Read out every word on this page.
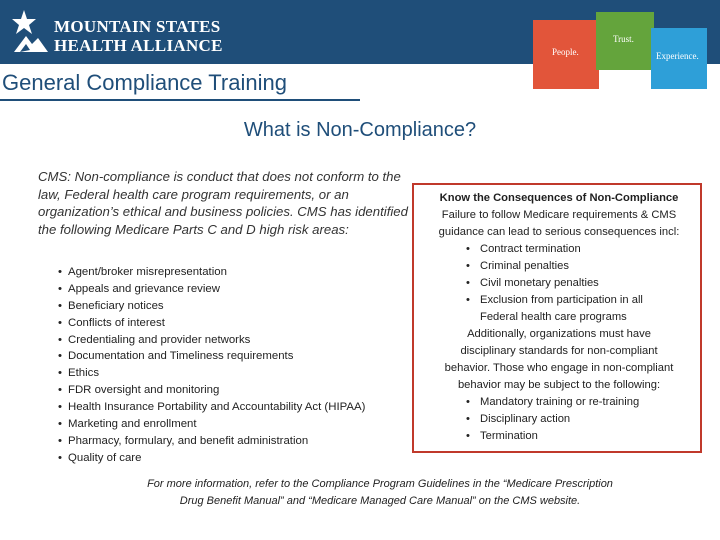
MOUNTAIN STATES
HEALTH ALLIANCE	People.
Trust.
Experience.
General Compliance Training
What is Non-Compliance?
CMS: Non-compliance is conduct that does not conform to the law, Federal health care program requirements, or an organization’s ethical and business policies. CMS has identified the following Medicare Parts C and D high risk areas:
• Agent/broker misrepresentation
• Appeals and grievance review
• Beneficiary notices
• Conflicts of interest
• Credentialing and provider networks
• Documentation and Timeliness requirements
• Ethics
• FDR oversight and monitoring
• Health Insurance Portability and Accountability Act (HIPAA)
• Marketing and enrollment
• Pharmacy, formulary, and benefit administration
• Quality of care
Know the Consequences of Non-Compliance
Failure to follow Medicare requirements & CMS
guidance can lead to serious consequences incl:
• Contract termination
• Criminal penalties
• Civil monetary penalties
• Exclusion from participation in all
Federal health care programs
Additionally, organizations must have
disciplinary standards for non-compliant
behavior. Those who engage in non-compliant
behavior may be subject to the following:
• Mandatory training or re-training
• Disciplinary action
• Termination
For more information, refer to the Compliance Program Guidelines in the “Medicare Prescription
Drug Benefit Manual” and “Medicare Managed Care Manual” on the CMS website.
